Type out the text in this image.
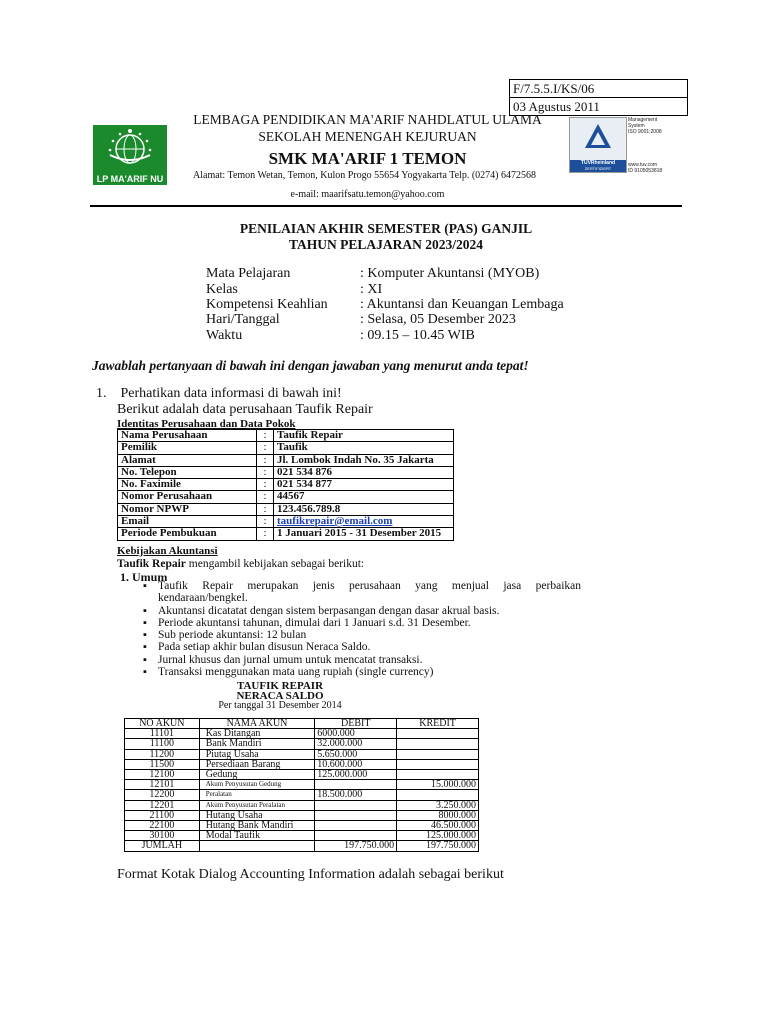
F/7.5.5.I/KS/06
03 Agustus 2011
LP MA'ARIF NU
LEMBAGA PENDIDIKAN MA'ARIF NAHDLATUL ULAMA
SEKOLAH MENENGAH KEJURUAN
SMK MA'ARIF 1 TEMON
Alamat: Temon Wetan, Temon, Kulon Progo 55654 Yogyakarta Telp. (0274) 6472568
e-mail: maarifsatu.temon@yahoo.com
TÜVRheinland
ZERTIFIZIERT
Management
System
ISO 9001:2008
www.tuv.com
ID 9105053818
PENILAIAN AKHIR SEMESTER (PAS) GANJIL
TAHUN PELAJARAN 2023/2024
Mata Pelajaran	: Komputer Akuntansi (MYOB)
Kelas	: XI
Kompetensi Keahlian : Akuntansi dan Keuangan Lembaga
Hari/Tanggal	: Selasa, 05 Desember 2023
Waktu	: 09.15 – 10.45 WIB
Jawablah pertanyaan di bawah ini dengan jawaban yang menurut anda tepat!
1. Perhatikan data informasi di bawah ini!
Berikut adalah data perusahaan Taufik Repair
Identitas Perusahaan dan Data Pokok
Nama Perusahaan	:	Taufik Repair
Pemilik	:	Taufik
Alamat	:	Jl. Lombok Indah No. 35 Jakarta
No. Telepon	:	021 534 876
No. Faximile	:	021 534 877
Nomor Perusahaan	:	44567
Nomor NPWP	:	123.456.789.8
Email	:	taufikrepair@email.com
Periode Pembukuan	:	1 Januari 2015 - 31 Desember 2015
Kebijakan Akuntansi
Taufik Repair mengambil kebijakan sebagai berikut:
1. Umum
▪ Taufik Repair merupakan jenis perusahaan yang menjual jasa perbaikan kendaraan/bengkel.
▪ Akuntansi dicatatat dengan sistem berpasangan dengan dasar akrual basis.
▪ Periode akuntansi tahunan, dimulai dari 1 Januari s.d. 31 Desember.
▪ Sub periode akuntansi: 12 bulan
▪ Pada setiap akhir bulan disusun Neraca Saldo.
▪ Jurnal khusus dan jurnal umum untuk mencatat transaksi.
▪ Transaksi menggunakan mata uang rupiah (single currency)
TAUFIK REPAIR
NERACA SALDO
Per tanggal 31 Desember 2014
NO AKUN	NAMA AKUN	DEBIT	KREDIT
11101	Kas Ditangan	6000.000	
11100	Bank Mandiri	32.000.000	
11200	Piutag Usaha	5.650.000	
11500	Persediaan Barang	10.600.000	
12100	Gedung	125.000.000	
12101	Akum Penyusutan Gedung		15.000.000
12200	Peralatan	18.500.000	
12201	Akum Penyusutan Peralatan		3.250.000
21100	Hutang Usaha		8000.000
22100	Hutang Bank Mandiri		46.500.000
30100	Modal Taufik		125.000.000
JUMLAH		197.750.000	197.750.000
Format Kotak Dialog Accounting Information adalah sebagai berikut
